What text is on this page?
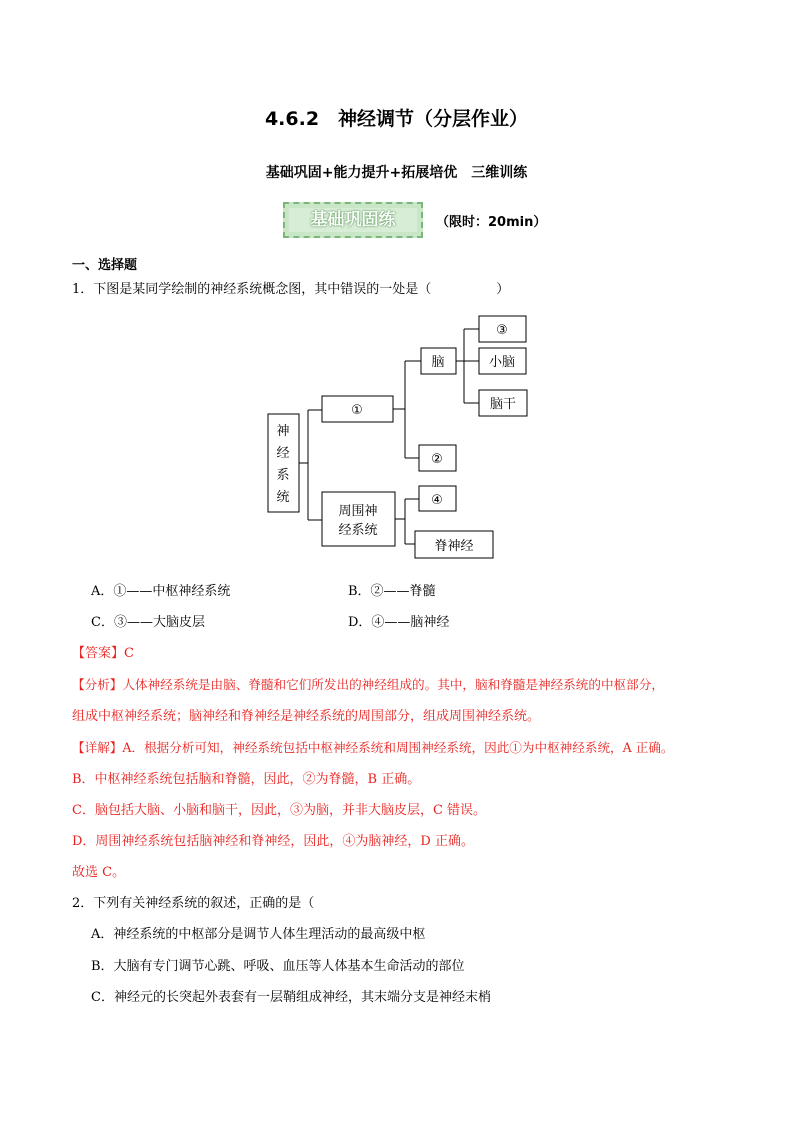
4.6.2　神经调节（分层作业）
基础巩固+能力提升+拓展培优　三维训练
基础巩固练	（限时：20min）
一、选择题
1．下图是某同学绘制的神经系统概念图，其中错误的一处是（　　　　　）
神
经
系
统
①
脑
②
③
小脑
脑干
周围神
经系统
④
脊神经
A．①——中枢神经系统	B．②——脊髓
C．③——大脑皮层	D．④——脑神经
【答案】C
【分析】人体神经系统是由脑、脊髓和它们所发出的神经组成的。其中，脑和脊髓是神经系统的中枢部分，
组成中枢神经系统；脑神经和脊神经是神经系统的周围部分，组成周围神经系统。
【详解】A．根据分析可知，神经系统包括中枢神经系统和周围神经系统，因此①为中枢神经系统，A 正确。
B．中枢神经系统包括脑和脊髓，因此，②为脊髓，B 正确。
C．脑包括大脑、小脑和脑干，因此，③为脑，并非大脑皮层，C 错误。
D．周围神经系统包括脑神经和脊神经，因此，④为脑神经，D 正确。
故选 C。
2．下列有关神经系统的叙述，正确的是（
A．神经系统的中枢部分是调节人体生理活动的最高级中枢
B．大脑有专门调节心跳、呼吸、血压等人体基本生命活动的部位
C．神经元的长突起外表套有一层鞘组成神经，其末端分支是神经末梢
